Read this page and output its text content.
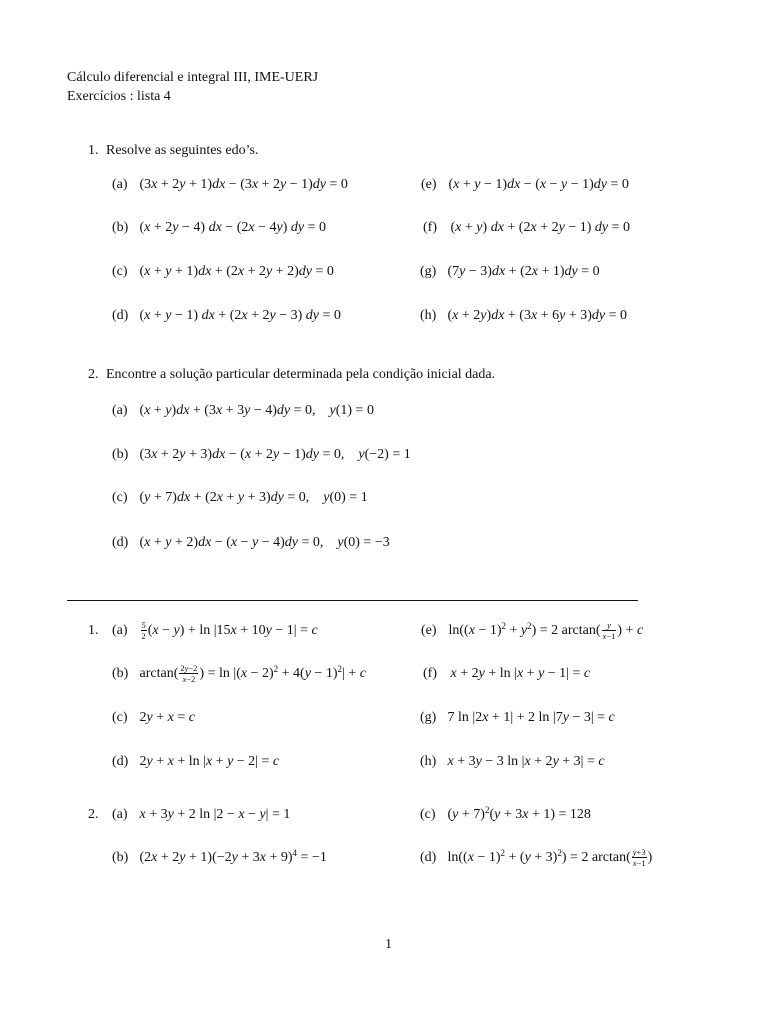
Cálculo diferencial e integral III, IME-UERJ
Exercícios : lista 4
1. Resolve as seguintes edo’s.
(a) (3x + 2y + 1)dx − (3x + 2y − 1)dy = 0
(b) (x + 2y − 4) dx − (2x − 4y) dy = 0
(c) (x + y + 1)dx + (2x + 2y + 2)dy = 0
(d) (x + y − 1) dx + (2x + 2y − 3) dy = 0
(e) (x + y − 1)dx − (x − y − 1)dy = 0
(f) (x + y) dx + (2x + 2y − 1) dy = 0
(g) (7y − 3)dx + (2x + 1)dy = 0
(h) (x + 2y)dx + (3x + 6y + 3)dy = 0
2. Encontre a solução particular determinada pela condição inicial dada.
(a) (x + y)dx + (3x + 3y − 4)dy = 0,    y(1) = 0
(b) (3x + 2y + 3)dx − (x + 2y − 1)dy = 0,    y(−2) = 1
(c) (y + 7)dx + (2x + y + 3)dy = 0,    y(0) = 1
(d) (x + y + 2)dx − (x − y − 4)dy = 0,    y(0) = −3
1. $(a) \frac{5}{2} (x - y) + \ln |15x + 10y - 1| = c$
(b) $\arctan( \frac{2y-2}{x-2}$ ) = $\ln |(x - 2)^2 + 4(y - 1)^2| + c$
(c) 2y + x = c
(d) 2y + x + ln |x + y − 2| = c
(e) $\ln((x - 1)^2 + y^2) = 2$ $\arctan( \frac{y}{x-1}$ ) + c
(f) x + 2y + ln |x + y − 1| = c
(g) 7 ln |2x + 1| + 2 ln |7y − 3| = c
(h) x + 3y − 3 ln |x + 2y + 3| = c
2. (a) x + 3y + 2 ln |2 − x − y| = 1
(b) $(2x + 2y + 1)(-2y + 3x + 9)^4 = -1$
(c) $(y + 7)^2(y + 3x + 1) = 128$
(d) $\ln((x - 1)^2 + (y + 3)^2) = 2$ $\arctan( \frac{y+3}{x-1}$ )
1
